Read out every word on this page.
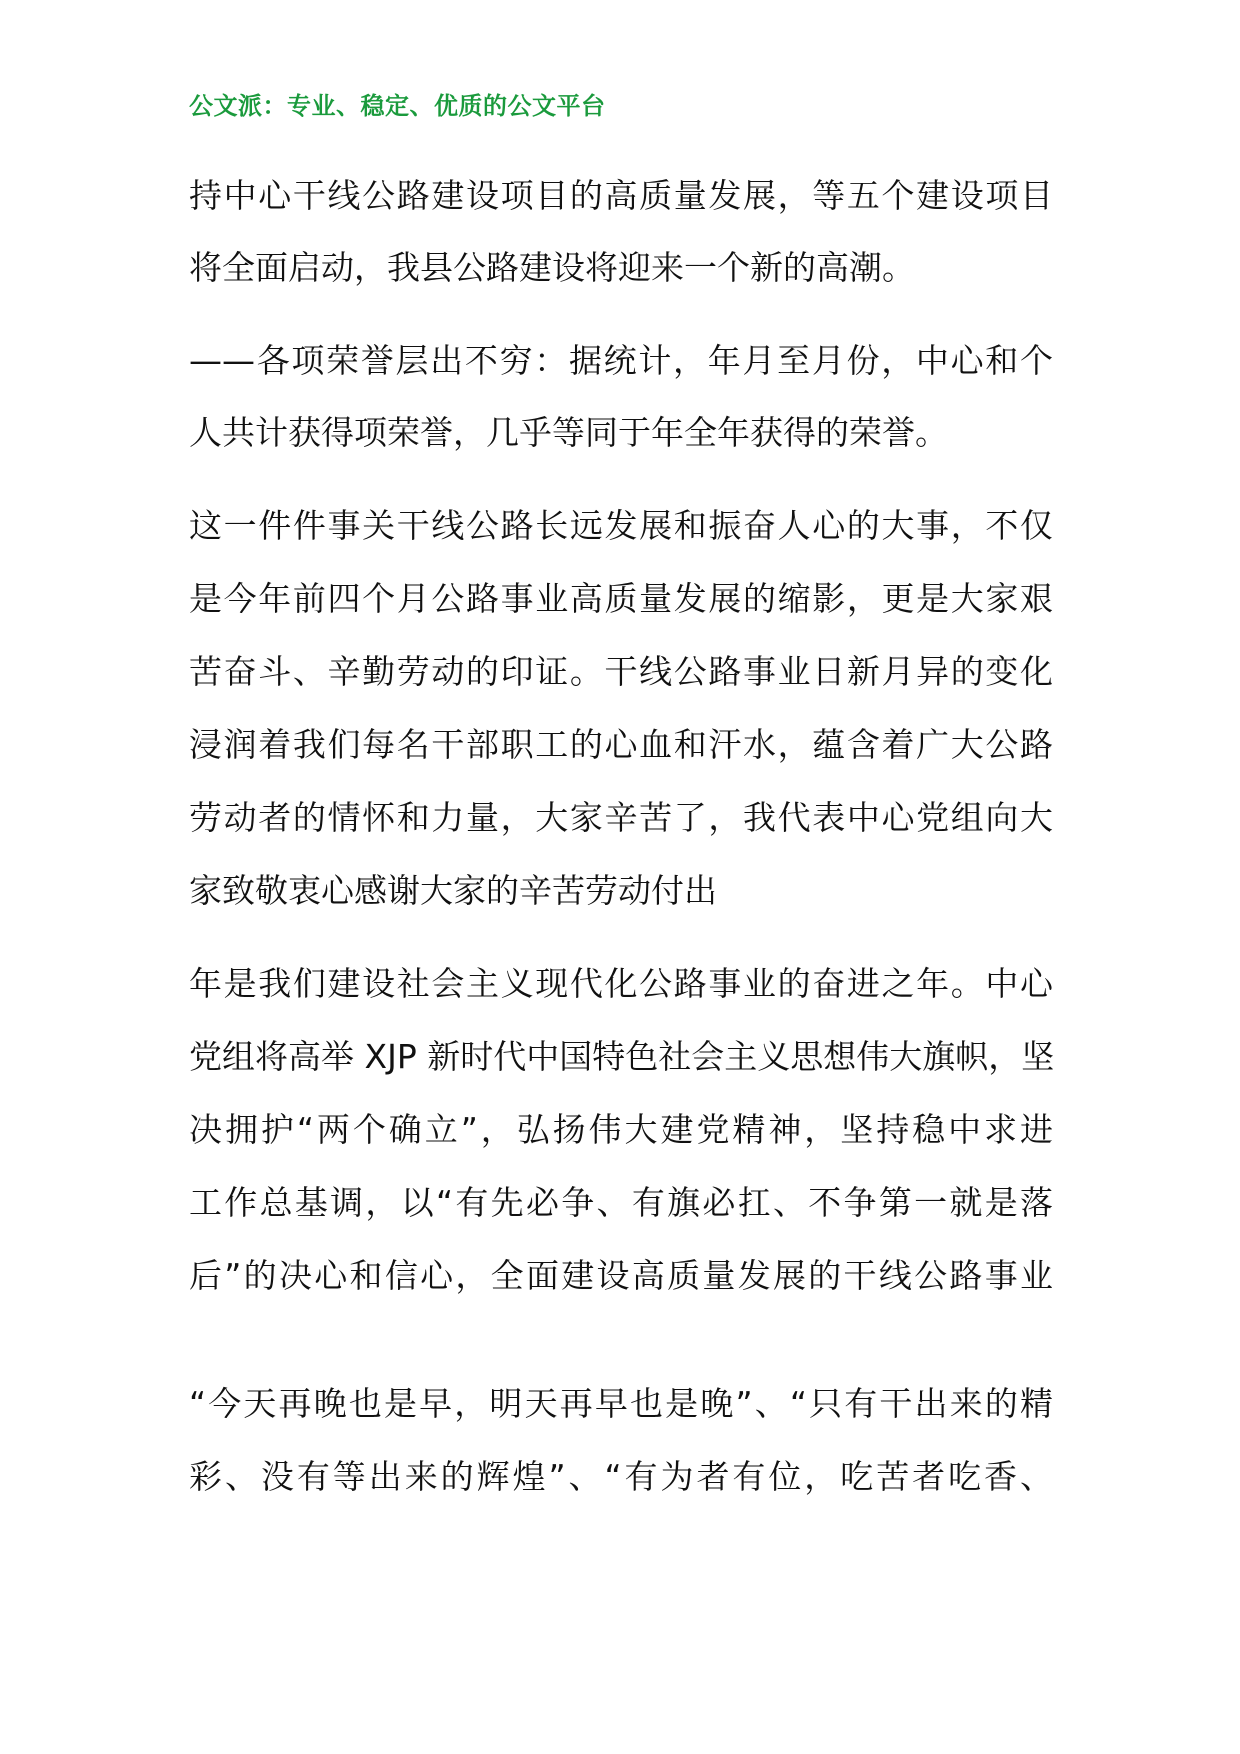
公文派：专业、稳定、优质的公文平台
持中心干线公路建设项目的高质量发展，等五个建设项目
将全面启动，我县公路建设将迎来一个新的高潮。
——各项荣誉层出不穷：据统计，年月至月份，中心和个
人共计获得项荣誉，几乎等同于年全年获得的荣誉。
这一件件事关干线公路长远发展和振奋人心的大事，不仅
是今年前四个月公路事业高质量发展的缩影，更是大家艰
苦奋斗、辛勤劳动的印证。干线公路事业日新月异的变化
浸润着我们每名干部职工的心血和汗水，蕴含着广大公路
劳动者的情怀和力量，大家辛苦了，我代表中心党组向大
家致敬衷心感谢大家的辛苦劳动付出
年是我们建设社会主义现代化公路事业的奋进之年。中心
党组将高举 XJP 新时代中国特色社会主义思想伟大旗帜，坚
决拥护“两个确立”，弘扬伟大建党精神，坚持稳中求进
工作总基调，以“有先必争、有旗必扛、不争第一就是落
后”的决心和信心，全面建设高质量发展的干线公路事业
“今天再晚也是早，明天再早也是晚”、“只有干出来的精
彩、没有等出来的辉煌”、“有为者有位，吃苦者吃香、
